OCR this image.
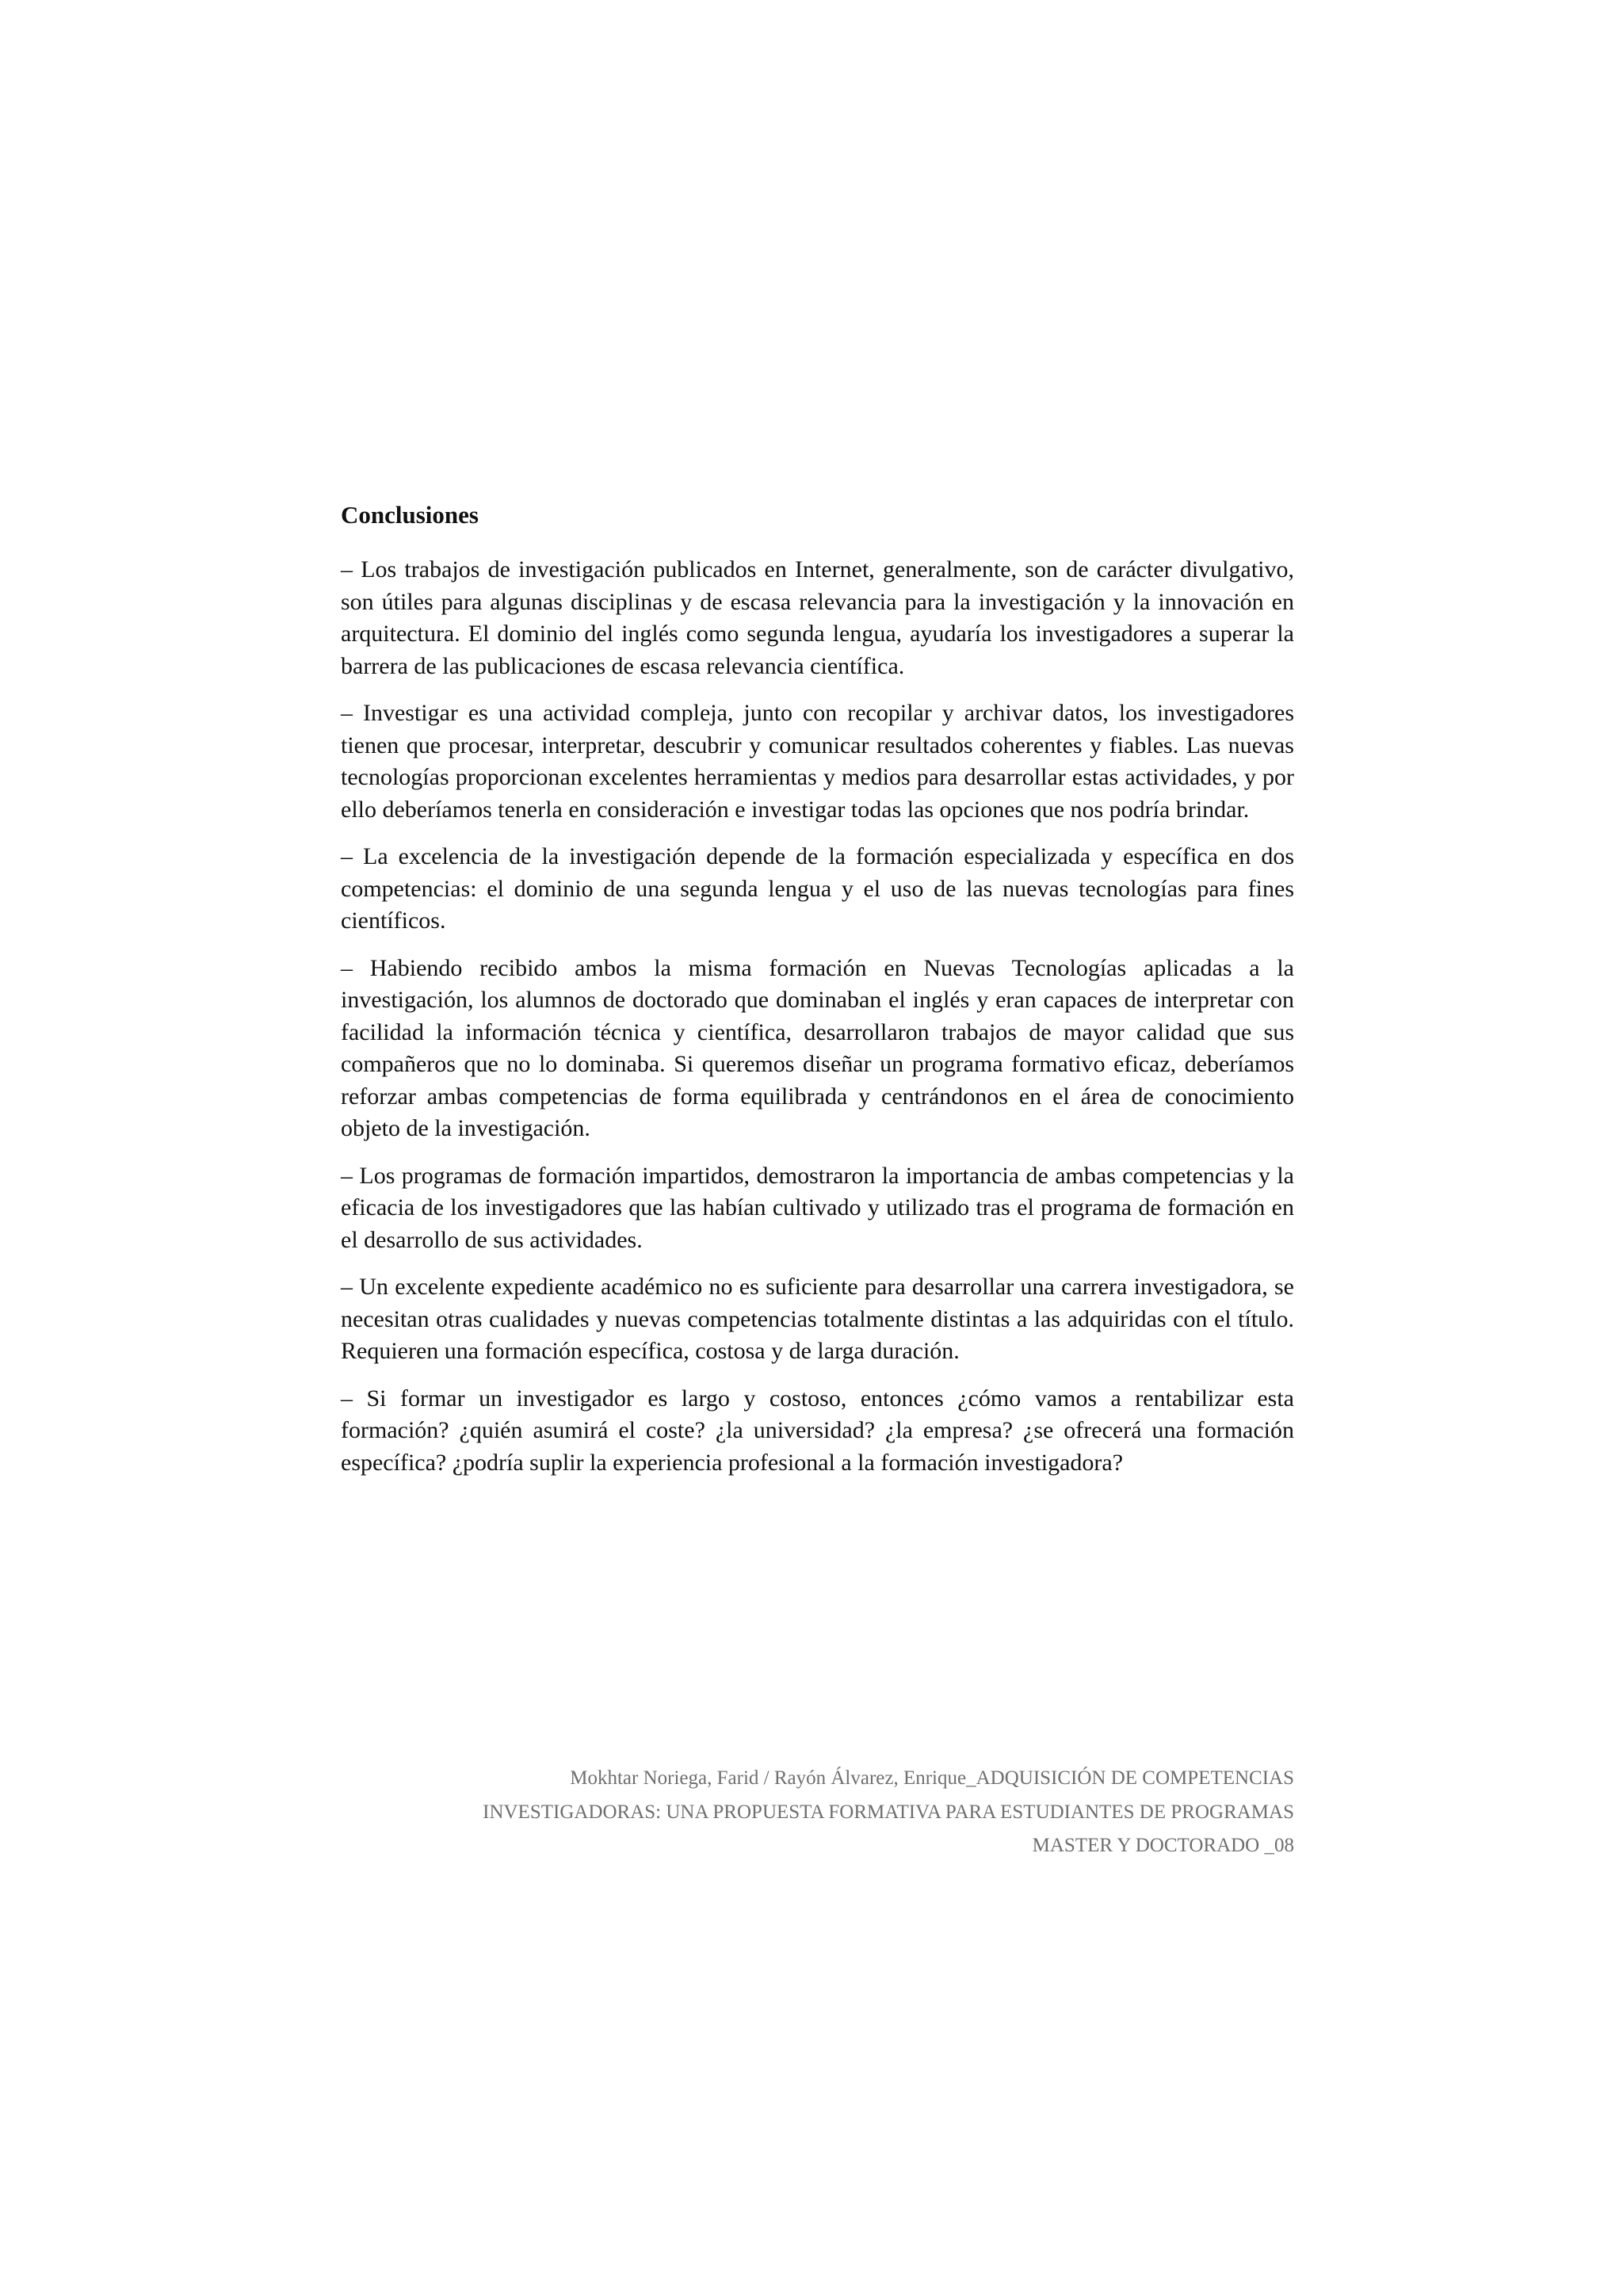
Conclusiones

– Los trabajos de investigación publicados en Internet, generalmente, son de carácter divulgativo, son útiles para algunas disciplinas y de escasa relevancia para la investigación y la innovación en arquitectura. El dominio del inglés como segunda lengua, ayudaría los investigadores a superar la barrera de las publicaciones de escasa relevancia científica.

– Investigar es una actividad compleja, junto con recopilar y archivar datos, los investigadores tienen que procesar, interpretar, descubrir y comunicar resultados coherentes y fiables. Las nuevas tecnologías proporcionan excelentes herramientas y medios para desarrollar estas actividades, y por ello deberíamos tenerla en consideración e investigar todas las opciones que nos podría brindar.

– La excelencia de la investigación depende de la formación especializada y específica en dos competencias: el dominio de una segunda lengua y el uso de las nuevas tecnologías para fines científicos.

– Habiendo recibido ambos la misma formación en Nuevas Tecnologías aplicadas a la investigación, los alumnos de doctorado que dominaban el inglés y eran capaces de interpretar con facilidad la información técnica y científica, desarrollaron trabajos de mayor calidad que sus compañeros que no lo dominaba. Si queremos diseñar un programa formativo eficaz, deberíamos reforzar ambas competencias de forma equilibrada y centrándonos en el área de conocimiento objeto de la investigación.

– Los programas de formación impartidos, demostraron la importancia de ambas competencias y la eficacia de los investigadores que las habían cultivado y utilizado tras el programa de formación en el desarrollo de sus actividades.

– Un excelente expediente académico no es suficiente para desarrollar una carrera investigadora, se necesitan otras cualidades y nuevas competencias totalmente distintas a las adquiridas con el título. Requieren una formación específica, costosa y de larga duración.

– Si formar un investigador es largo y costoso, entonces ¿cómo vamos a rentabilizar esta formación? ¿quién asumirá el coste? ¿la universidad? ¿la empresa? ¿se ofrecerá una formación específica? ¿podría suplir la experiencia profesional a la formación investigadora?

Mokhtar Noriega, Farid / Rayón Álvarez, Enrique_ADQUISICIÓN DE COMPETENCIAS
INVESTIGADORAS: UNA PROPUESTA FORMATIVA PARA ESTUDIANTES DE PROGRAMAS
MASTER Y DOCTORADO _08
